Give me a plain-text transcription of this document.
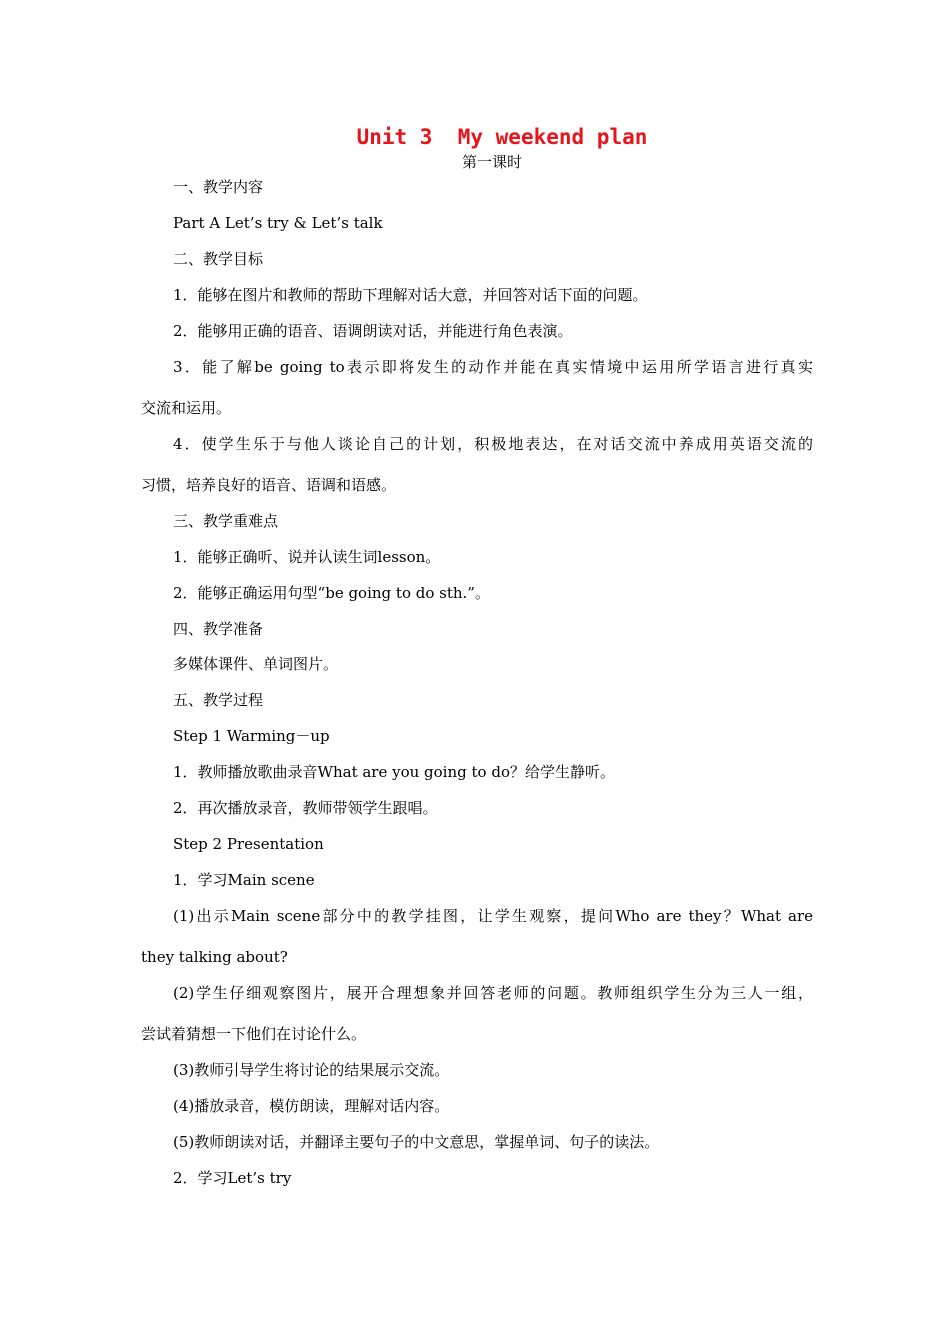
Unit 3  My weekend plan
第一课时
一、教学内容
Part A Let’s try & Let’s talk
二、教学目标
1．能够在图片和教师的帮助下理解对话大意，并回答对话下面的问题。
2．能够用正确的语音、语调朗读对话，并能进行角色表演。
3．能了解be going to表示即将发生的动作并能在真实情境中运用所学语言进行真实
交流和运用。
4．使学生乐于与他人谈论自己的计划，积极地表达，在对话交流中养成用英语交流的
习惯，培养良好的语音、语调和语感。
三、教学重难点
1．能够正确听、说并认读生词lesson。
2．能够正确运用句型“be going to do sth.”。
四、教学准备
多媒体课件、单词图片。
五、教学过程
Step 1 Warming－up
1．教师播放歌曲录音What are you going to do？给学生静听。
2．再次播放录音，教师带领学生跟唱。
Step 2 Presentation
1．学习Main scene
(1)出示Main scene部分中的教学挂图，让学生观察，提问Who are they？What are
they talking about?
(2)学生仔细观察图片，展开合理想象并回答老师的问题。教师组织学生分为三人一组，
尝试着猜想一下他们在讨论什么。
(3)教师引导学生将讨论的结果展示交流。
(4)播放录音，模仿朗读，理解对话内容。
(5)教师朗读对话，并翻译主要句子的中文意思，掌握单词、句子的读法。
2．学习Let’s try
